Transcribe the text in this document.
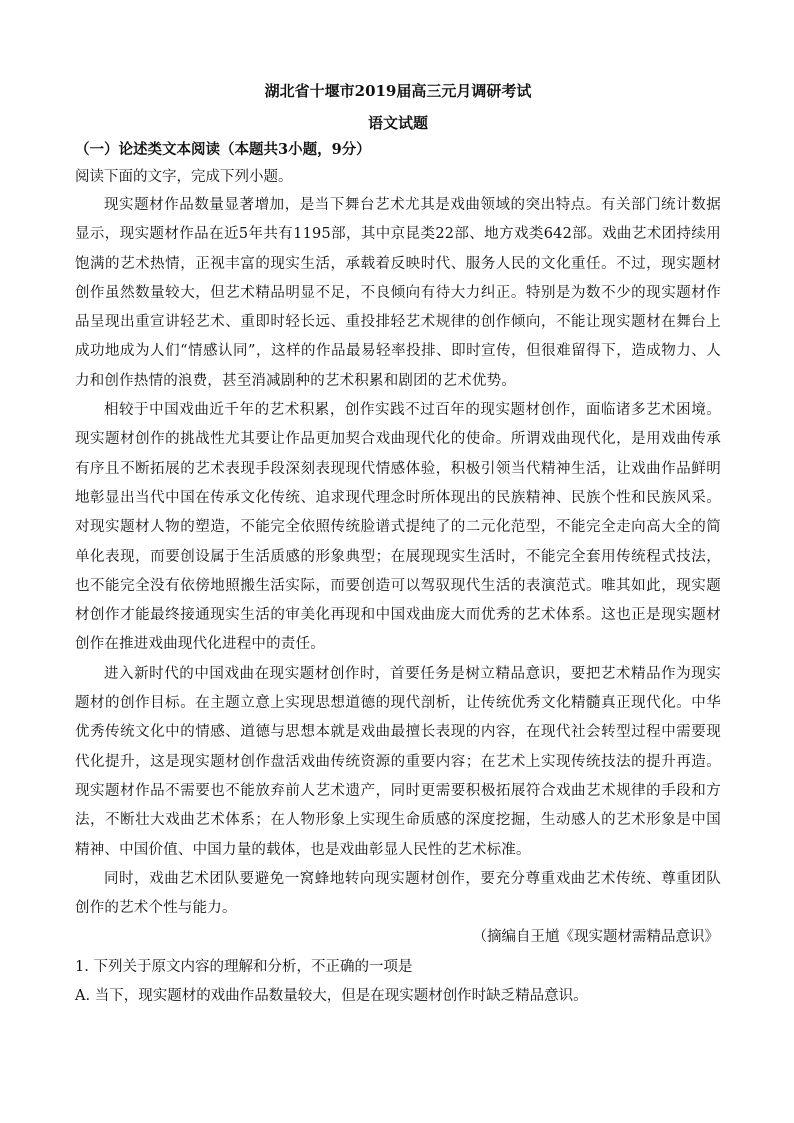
湖北省十堰市2019届高三元月调研考试

语文试题

（一）论述类文本阅读（本题共3小题，9分）
阅读下面的文字，完成下列小题。

现实题材作品数量显著增加，是当下舞台艺术尤其是戏曲领域的突出特点。有关部门统计数据显示，现实题材作品在近5年共有1195部，其中京昆类22部、地方戏类642部。戏曲艺术团持续用饱满的艺术热情，正视丰富的现实生活，承载着反映时代、服务人民的文化重任。不过，现实题材创作虽然数量较大，但艺术精品明显不足，不良倾向有待大力纠正。特别是为数不少的现实题材作品呈现出重宣讲轻艺术、重即时轻长远、重投排轻艺术规律的创作倾向，不能让现实题材在舞台上成功地成为人们“情感认同”，这样的作品最易轻率投排、即时宣传，但很难留得下，造成物力、人力和创作热情的浪费，甚至消减剧种的艺术积累和剧团的艺术优势。

相较于中国戏曲近千年的艺术积累，创作实践不过百年的现实题材创作，面临诸多艺术困境。现实题材创作的挑战性尤其要让作品更加契合戏曲现代化的使命。所谓戏曲现代化，是用戏曲传承有序且不断拓展的艺术表现手段深刻表现现代情感体验，积极引领当代精神生活，让戏曲作品鲜明地彰显出当代中国在传承文化传统、追求现代理念时所体现出的民族精神、民族个性和民族风采。对现实题材人物的塑造，不能完全依照传统脸谱式提纯了的二元化范型，不能完全走向高大全的简单化表现，而要创设属于生活质感的形象典型；在展现现实生活时，不能完全套用传统程式技法，也不能完全没有依傍地照搬生活实际，而要创造可以驾驭现代生活的表演范式。唯其如此，现实题材创作才能最终接通现实生活的审美化再现和中国戏曲庞大而优秀的艺术体系。这也正是现实题材创作在推进戏曲现代化进程中的责任。

进入新时代的中国戏曲在现实题材创作时，首要任务是树立精品意识，要把艺术精品作为现实题材的创作目标。在主题立意上实现思想道德的现代剖析，让传统优秀文化精髓真正现代化。中华优秀传统文化中的情感、道德与思想本就是戏曲最擅长表现的内容，在现代社会转型过程中需要现代化提升，这是现实题材创作盘活戏曲传统资源的重要内容；在艺术上实现传统技法的提升再造。现实题材作品不需要也不能放弃前人艺术遗产，同时更需要积极拓展符合戏曲艺术规律的手段和方法，不断壮大戏曲艺术体系；在人物形象上实现生命质感的深度挖掘，生动感人的艺术形象是中国精神、中国价值、中国力量的载体，也是戏曲彰显人民性的艺术标准。

同时，戏曲艺术团队要避免一窝蜂地转向现实题材创作，要充分尊重戏曲艺术传统、尊重团队创作的艺术个性与能力。

（摘编自王馗《现实题材需精品意识》

1. 下列关于原文内容的理解和分析，不正确的一项是

A. 当下，现实题材的戏曲作品数量较大，但是在现实题材创作时缺乏精品意识。
